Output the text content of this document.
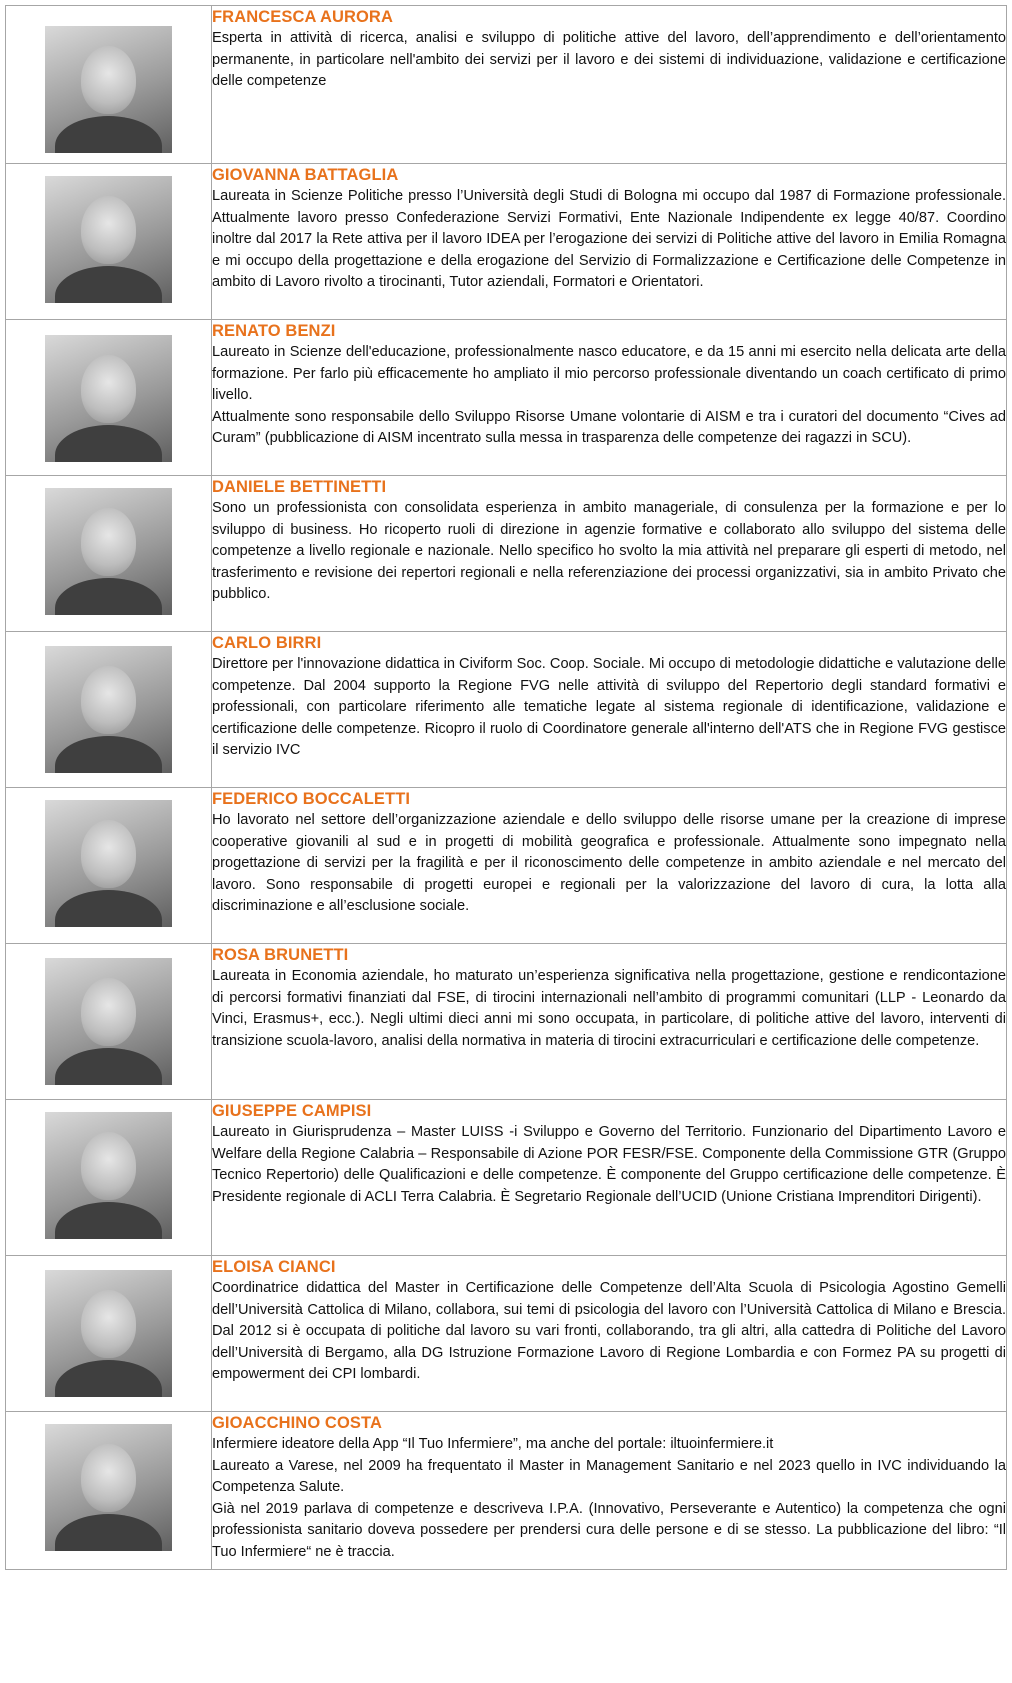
	FRANCESCA AURORA

Esperta in attività di ricerca, analisi e sviluppo di politiche attive del lavoro, dell’apprendimento e dell’orientamento permanente, in particolare nell'ambito dei servizi per il lavoro e dei sistemi di individuazione, validazione e certificazione delle competenze

	GIOVANNA BATTAGLIA

Laureata in Scienze Politiche presso l’Università degli Studi di Bologna mi occupo dal 1987 di Formazione professionale. Attualmente lavoro presso Confederazione Servizi Formativi, Ente Nazionale Indipendente ex legge 40/87. Coordino inoltre dal 2017 la Rete attiva per il lavoro IDEA per l’erogazione dei servizi di Politiche attive del lavoro in Emilia Romagna e mi occupo della progettazione e della erogazione del Servizio di Formalizzazione e Certificazione delle Competenze in ambito di Lavoro rivolto a tirocinanti, Tutor aziendali, Formatori e Orientatori.

	RENATO BENZI

Laureato in Scienze dell'educazione, professionalmente nasco educatore, e da 15 anni mi esercito nella delicata arte della formazione. Per farlo più efficacemente ho ampliato il mio percorso professionale diventando un coach certificato di primo livello.

Attualmente sono responsabile dello Sviluppo Risorse Umane volontarie di AISM e tra i curatori del documento “Cives ad Curam” (pubblicazione di AISM incentrato sulla messa in trasparenza delle competenze dei ragazzi in SCU).

	DANIELE BETTINETTI

Sono un professionista con consolidata esperienza in ambito manageriale, di consulenza per la formazione e per lo sviluppo di business. Ho ricoperto ruoli di direzione in agenzie formative e collaborato allo sviluppo del sistema delle competenze a livello regionale e nazionale. Nello specifico ho svolto la mia attività nel preparare gli esperti di metodo, nel trasferimento e revisione dei repertori regionali e nella referenziazione dei processi organizzativi, sia in ambito Privato che pubblico.

	CARLO BIRRI

Direttore per l'innovazione didattica in Civiform Soc. Coop. Sociale. Mi occupo di metodologie didattiche e valutazione delle competenze. Dal 2004 supporto la Regione FVG nelle attività di sviluppo del Repertorio degli standard formativi e professionali, con particolare riferimento alle tematiche legate al sistema regionale di identificazione, validazione e certificazione delle competenze. Ricopro il ruolo di Coordinatore generale all'interno dell'ATS che in Regione FVG gestisce il servizio IVC

	FEDERICO BOCCALETTI

Ho lavorato nel settore dell’organizzazione aziendale e dello sviluppo delle risorse umane per la creazione di imprese cooperative giovanili al sud e in progetti di mobilità geografica e professionale. Attualmente sono impegnato nella progettazione di servizi per la fragilità e per il riconoscimento delle competenze in ambito aziendale e nel mercato del lavoro. Sono responsabile di progetti europei e regionali per la valorizzazione del lavoro di cura, la lotta alla discriminazione e all’esclusione sociale.

	ROSA BRUNETTI

Laureata in Economia aziendale, ho maturato un’esperienza significativa nella progettazione, gestione e rendicontazione di percorsi formativi finanziati dal FSE, di tirocini internazionali nell’ambito di programmi comunitari (LLP - Leonardo da Vinci, Erasmus+, ecc.). Negli ultimi dieci anni mi sono occupata, in particolare, di politiche attive del lavoro, interventi di transizione scuola-lavoro, analisi della normativa in materia di tirocini extracurriculari e certificazione delle competenze.

	GIUSEPPE CAMPISI

Laureato in Giurisprudenza – Master LUISS -i Sviluppo e Governo del Territorio. Funzionario del Dipartimento Lavoro e Welfare della Regione Calabria – Responsabile di Azione POR FESR/FSE. Componente della Commissione GTR (Gruppo Tecnico Repertorio) delle Qualificazioni e delle competenze. È componente del Gruppo certificazione delle competenze. È Presidente regionale di ACLI Terra Calabria. È Segretario Regionale dell’UCID (Unione Cristiana Imprenditori Dirigenti).

	ELOISA CIANCI

Coordinatrice didattica del Master in Certificazione delle Competenze dell’Alta Scuola di Psicologia Agostino Gemelli dell’Università Cattolica di Milano, collabora, sui temi di psicologia del lavoro con l’Università Cattolica di Milano e Brescia. Dal 2012 si è occupata di politiche dal lavoro su vari fronti, collaborando, tra gli altri, alla cattedra di Politiche del Lavoro dell’Università di Bergamo, alla DG Istruzione Formazione Lavoro di Regione Lombardia e con Formez PA su progetti di empowerment dei CPI lombardi.

	GIOACCHINO COSTA

Infermiere ideatore della App “Il Tuo Infermiere”, ma anche del portale: iltuoinfermiere.it

Laureato a Varese, nel 2009 ha frequentato il Master in Management Sanitario e nel 2023 quello in IVC individuando la Competenza Salute.

Già nel 2019 parlava di competenze e descriveva I.P.A. (Innovativo, Perseverante e Autentico) la competenza che ogni professionista sanitario doveva possedere per prendersi cura delle persone e di se stesso. La pubblicazione del libro: “Il Tuo Infermiere“ ne è traccia.
